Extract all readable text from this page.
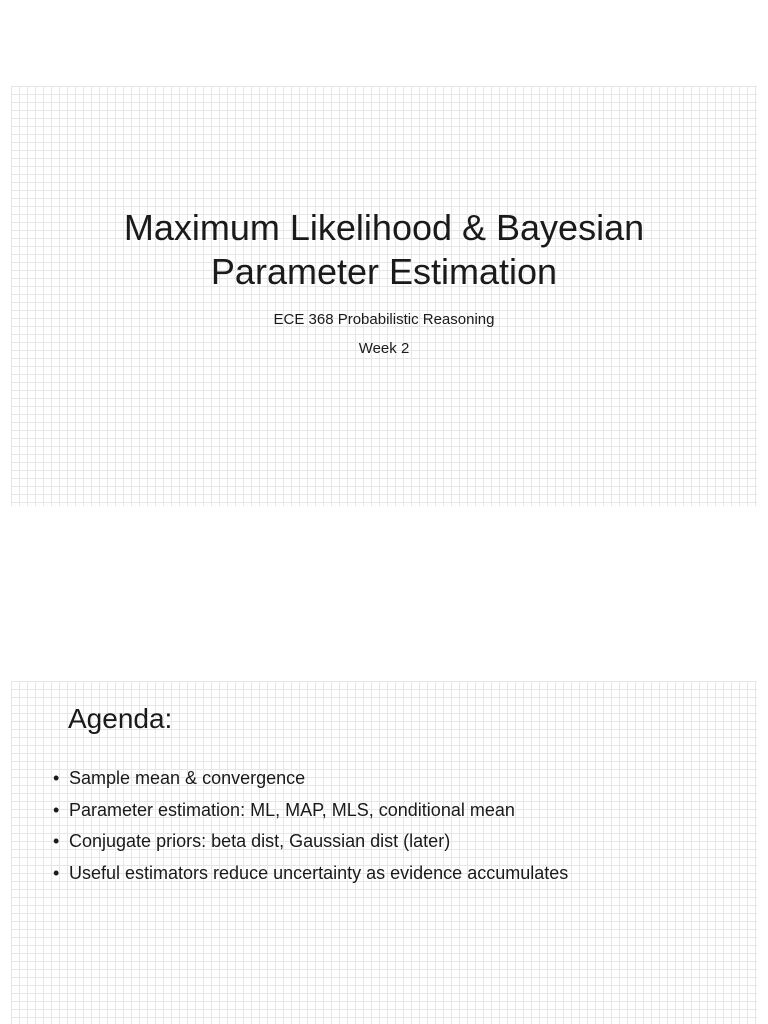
Maximum Likelihood & Bayesian
Parameter Estimation
ECE 368 Probabilistic Reasoning
Week 2
Agenda:
• Sample mean & convergence
• Parameter estimation: ML, MAP, MLS, conditional mean
• Conjugate priors: beta dist, Gaussian dist (later)
• Useful estimators reduce uncertainty as evidence accumulates
